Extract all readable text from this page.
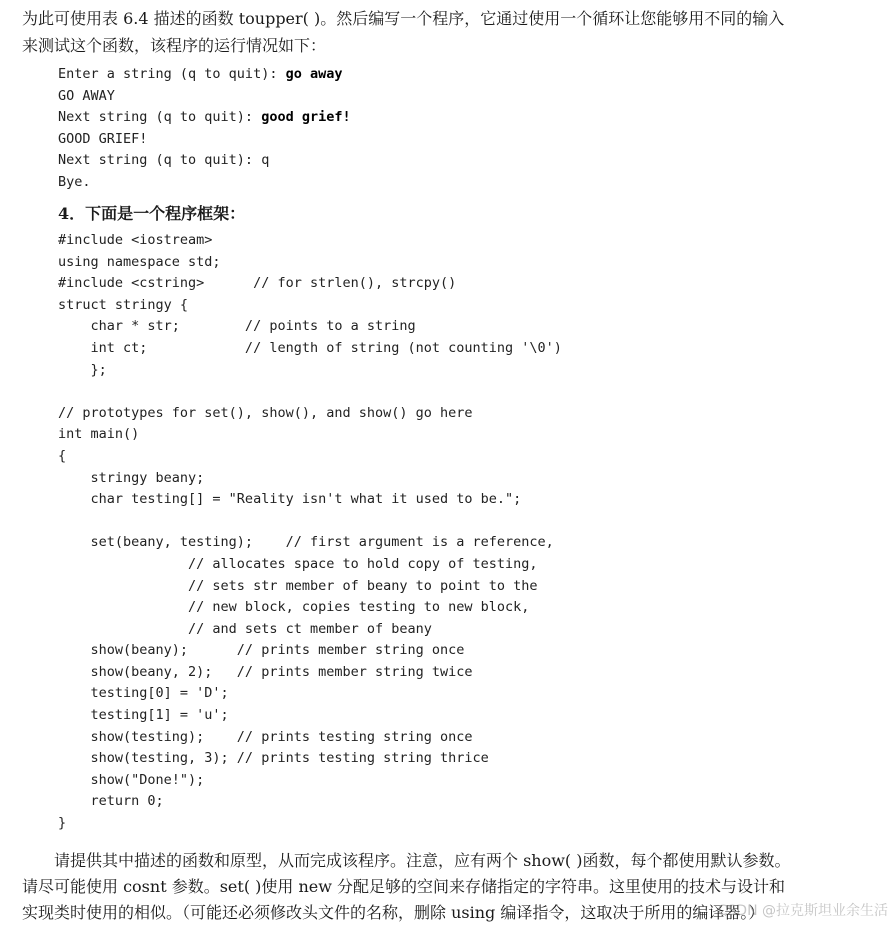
为此可使用表 6.4 描述的函数 toupper( )。然后编写一个程序，它通过使用一个循环让您能够用不同的输入

来测试这个函数，该程序的运行情况如下：

Enter a string (q to quit): go away
GO AWAY
Next string (q to quit): good grief!
GOOD GRIEF!
Next string (q to quit): q
Bye.

4．下面是一个程序框架：

#include <iostream>
using namespace std;
#include <cstring>      // for strlen(), strcpy()
struct stringy {
char * str;        // points to a string
int ct;            // length of string (not counting '\0')
};
// prototypes for set(), show(), and show() go here
int main()
{
stringy beany;
char testing[] = "Reality isn't what it used to be.";
set(beany, testing);    // first argument is a reference,
// allocates space to hold copy of testing,
// sets str member of beany to point to the
// new block, copies testing to new block,
// and sets ct member of beany
show(beany);      // prints member string once
show(beany, 2);   // prints member string twice
testing[0] = 'D';
testing[1] = 'u';
show(testing);    // prints testing string once
show(testing, 3); // prints testing string thrice
show("Done!");
return 0;
}

请提供其中描述的函数和原型，从而完成该程序。注意，应有两个 show( )函数，每个都使用默认参数。

请尽可能使用 cosnt 参数。set( )使用 new 分配足够的空间来存储指定的字符串。这里使用的技术与设计和

实现类时使用的相似。（可能还必须修改头文件的名称，删除 using 编译指令，这取决于所用的编译器。）

CSDN @拉克斯坦业余生活
